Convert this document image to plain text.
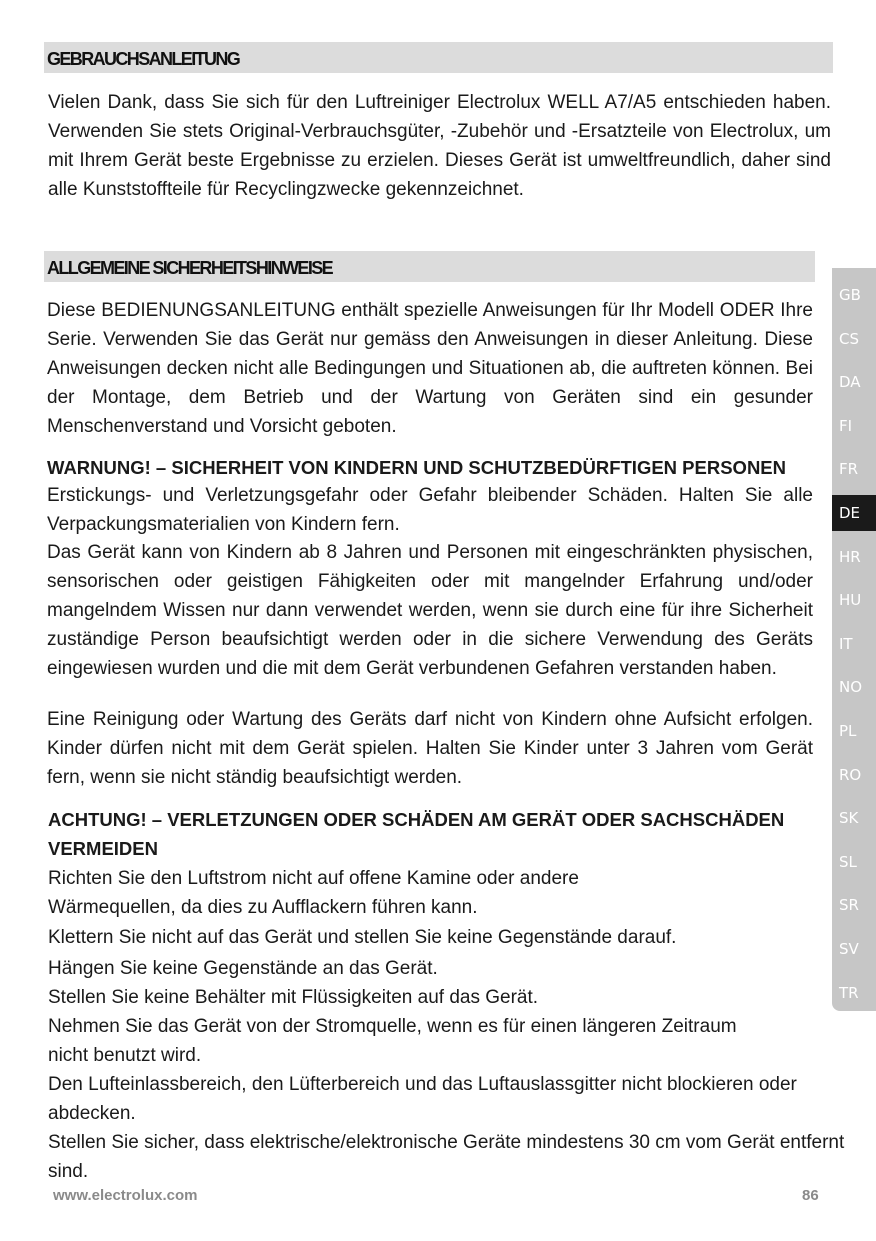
GEBRAUCHSANLEITUNG

Vielen Dank, dass Sie sich für den Luftreiniger Electrolux WELL A7/A5 entschieden haben. Verwenden Sie stets Original-Verbrauchsgüter, -Zubehör und -Ersatzteile von Electrolux, um mit Ihrem Gerät beste Ergebnisse zu erzielen. Dieses Gerät ist umweltfreundlich, daher sind alle Kunststoffteile für Recyclingzwecke gekennzeichnet.

ALLGEMEINE SICHERHEITSHINWEISE

Diese BEDIENUNGSANLEITUNG enthält spezielle Anweisungen für Ihr Modell ODER Ihre Serie. Verwenden Sie das Gerät nur gemäss den Anweisungen in dieser Anleitung. Diese Anweisungen decken nicht alle Bedingungen und Situationen ab, die auftreten können. Bei der Montage, dem Betrieb und der Wartung von Geräten sind ein gesunder Menschenverstand und Vorsicht geboten.

WARNUNG! – SICHERHEIT VON KINDERN UND SCHUTZBEDÜRFTIGEN PERSONEN

Erstickungs- und Verletzungsgefahr oder Gefahr bleibender Schäden. Halten Sie alle Verpackungsmaterialien von Kindern fern.

Das Gerät kann von Kindern ab 8 Jahren und Personen mit eingeschränkten physischen, sensorischen oder geistigen Fähigkeiten oder mit mangelnder Erfahrung und/oder mangelndem Wissen nur dann verwendet werden, wenn sie durch eine für ihre Sicherheit zuständige Person beaufsichtigt werden oder in die sichere Verwendung des Geräts eingewiesen wurden und die mit dem Gerät verbundenen Gefahren verstanden haben.

Eine Reinigung oder Wartung des Geräts darf nicht von Kindern ohne Aufsicht erfolgen. Kinder dürfen nicht mit dem Gerät spielen. Halten Sie Kinder unter 3 Jahren vom Gerät fern, wenn sie nicht ständig beaufsichtigt werden.

ACHTUNG! – VERLETZUNGEN ODER SCHÄDEN AM GERÄT ODER SACHSCHÄDEN VERMEIDEN

Richten Sie den Luftstrom nicht auf offene Kamine oder andere Wärmequellen, da dies zu Aufflackern führen kann.

Klettern Sie nicht auf das Gerät und stellen Sie keine Gegenstände darauf.

Hängen Sie keine Gegenstände an das Gerät.

Stellen Sie keine Behälter mit Flüssigkeiten auf das Gerät.

Nehmen Sie das Gerät von der Stromquelle, wenn es für einen längeren Zeitraum nicht benutzt wird.

Den Lufteinlassbereich, den Lüfterbereich und das Luftauslassgitter nicht blockieren oder abdecken.

Stellen Sie sicher, dass elektrische/elektronische Geräte mindestens 30 cm vom Gerät entfernt sind.

GB
CS
DA
FI
FR
DE
HR
HU
IT
NO
PL
RO
SK
SL
SR
SV
TR
www.electrolux.com	86
